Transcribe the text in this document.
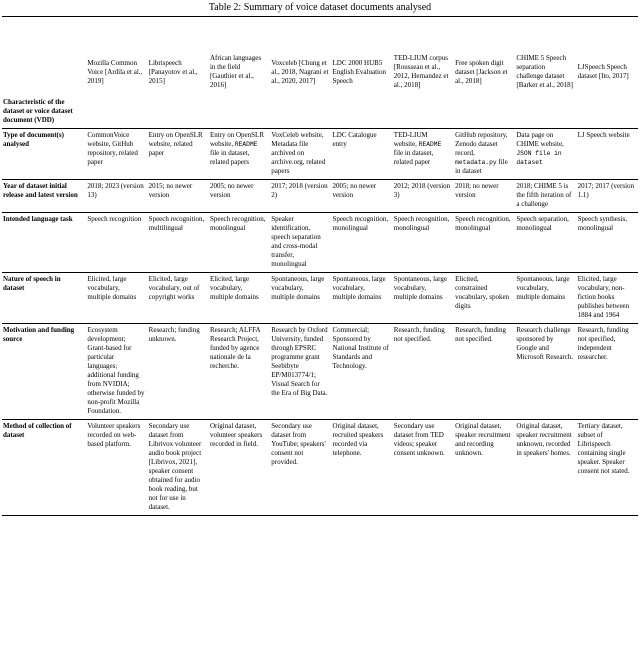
Table 2: Summary of voice dataset documents analysed
Characteristic of the dataset or voice dataset document (VDD)	Mozilla Common Voice [Ardila et al., 2019]	Librispeech [Panayotov et al., 2015]	African languages in the field [Gauthier et al., 2016]	Voxceleb [Chung et al., 2018, Nagrani et al., 2020, 2017]	LDC 2000 HUB5 English Evaluation Speech	TED-LIUM corpus [Rousseau et al., 2012, Hernandez et al., 2018]	Free spoken digit dataset [Jackson et al., 2018]	CHIME 5 Speech separation challenge dataset [Barker et al., 2018]	LJSpeech Speech dataset [Ito, 2017]
Type of document(s) analysed	CommonVoice website, GitHub repository, related paper	Entry on OpenSLR website, related paper	Entry on OpenSLR website, README file in dataset, related papers	VoxCeleb website, Metadata file archived on archive.org, related papers	LDC Catalogue entry	TED-LIUM website, README file in dataset, related paper	GitHub repository, Zenodo dataset record, metadata.py file in dataset	Data page on CHIME website, JSON file in dataset	LJ Speech website
Year of dataset initial release and latest version	2018; 2023 (version 13)	2015; no newer version	2005; no newer version	2017; 2018 (version 2)	2005; no newer version	2012; 2018 (version 3)	2018; no newer version	2018; CHIME 5 is the fifth iteration of a challenge	2017; 2017 (version 1.1)
Intended language task	Speech recognition	Speech recognition, multilingual	Speech recognition, monolingual	Speaker identification, speech separation and cross-modal transfer, monolingual	Speech recognition, monolingual	Speech recognition, monolingual	Speech recognition, monolingual	Speech separation, monolingual	Speech synthesis, monolingual
Nature of speech in dataset	Elicited, large vocabulary, multiple domains	Elicited, large vocabulary, out of copyright works	Elicited, large vocabulary, multiple domains	Spontaneous, large vocabulary, multiple domains	Spontaneous, large vocabulary, multiple domains	Spontaneous, large vocabulary, multiple domains	Elicited, constrained vocabulary, spoken digits	Spontaneous, large vocabulary, multiple domains	Elicited, large vocabulary, non-fiction books publishes between 1884 and 1964
Motivation and funding source	Ecosystem development; Grant-based for particular languages; additional funding from NVIDIA; otherwise funded by non-profit Mozilla Foundation.	Research; funding unknown.	Research; ALFFA Research Project, funded by agence nationale de la recherche.	Research by Oxford University, funded through EPSRC programme grant Seebibyte EP/M013774/1; Visual Search for the Era of Big Data.	Commercial; Sponsored by National Institute of Standards and Technology.	Research, funding not specified.	Research, funding not specified.	Research challenge sponsored by Google and Microsoft Research.	Research, funding not specified, independent researcher.
Method of collection of dataset	Volunteer speakers recorded on web-based platform.	Secondary use dataset from Librivox volunteer audio book project [Librivox, 2021], speaker consent obtained for audio book reading, but not for use in dataset.	Original dataset, volunteer speakers recorded in field.	Secondary use dataset from YouTube; speakers' consent not provided.	Original dataset, recruited speakers recorded via telephone.	Secondary use dataset from TED videos; speaker consent unknown.	Original dataset, speaker recruitment and recording unknown.	Original dataset, speaker recruitment unknown, recorded in speakers' homes.	Tertiary dataset, subset of Librispeech containing single speaker. Speaker consent not stated.
